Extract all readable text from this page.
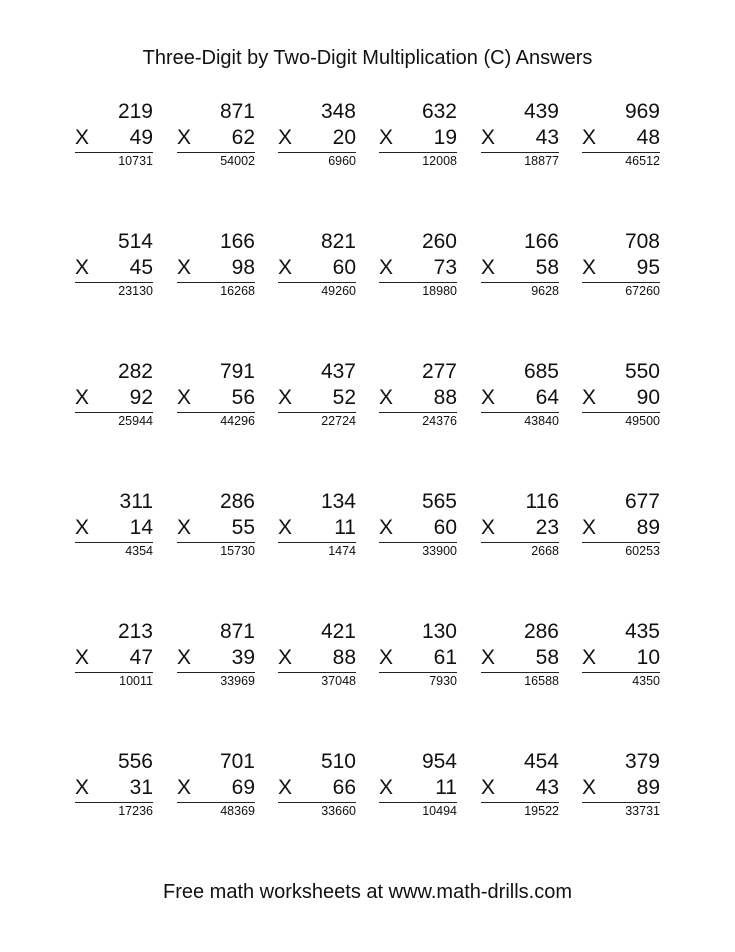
Three-Digit by Two-Digit Multiplication (C) Answers
219
X 49
10731
871
X 62
54002
348
X 20
6960
632
X 19
12008
439
X 43
18877
969
X 48
46512
514
X 45
23130
166
X 98
16268
821
X 60
49260
260
X 73
18980
166
X 58
9628
708
X 95
67260
282
X 92
25944
791
X 56
44296
437
X 52
22724
277
X 88
24376
685
X 64
43840
550
X 90
49500
311
X 14
4354
286
X 55
15730
134
X 11
1474
565
X 60
33900
116
X 23
2668
677
X 89
60253
213
X 47
10011
871
X 39
33969
421
X 88
37048
130
X 61
7930
286
X 58
16588
435
X 10
4350
556
X 31
17236
701
X 69
48369
510
X 66
33660
954
X 11
10494
454
X 43
19522
379
X 89
33731
Free math worksheets at www.math-drills.com
